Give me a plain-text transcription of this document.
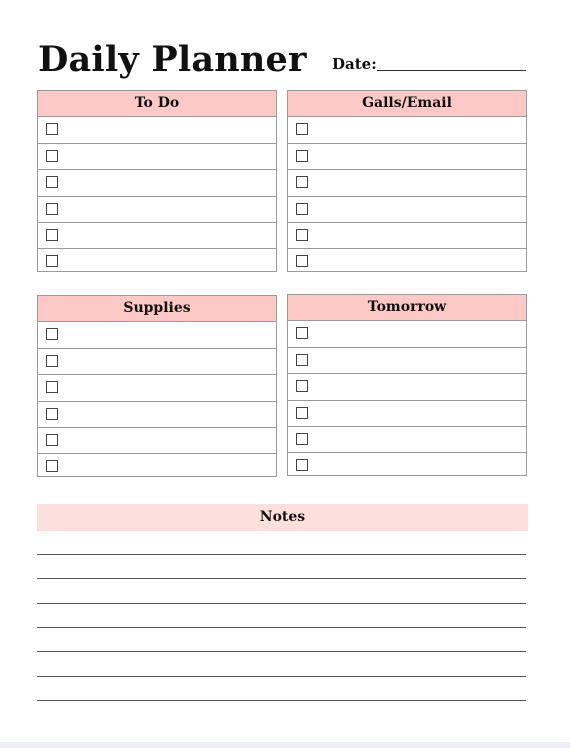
Daily Planner Date:
To Do	Galls/Email
Supplies	Tomorrow
Notes
